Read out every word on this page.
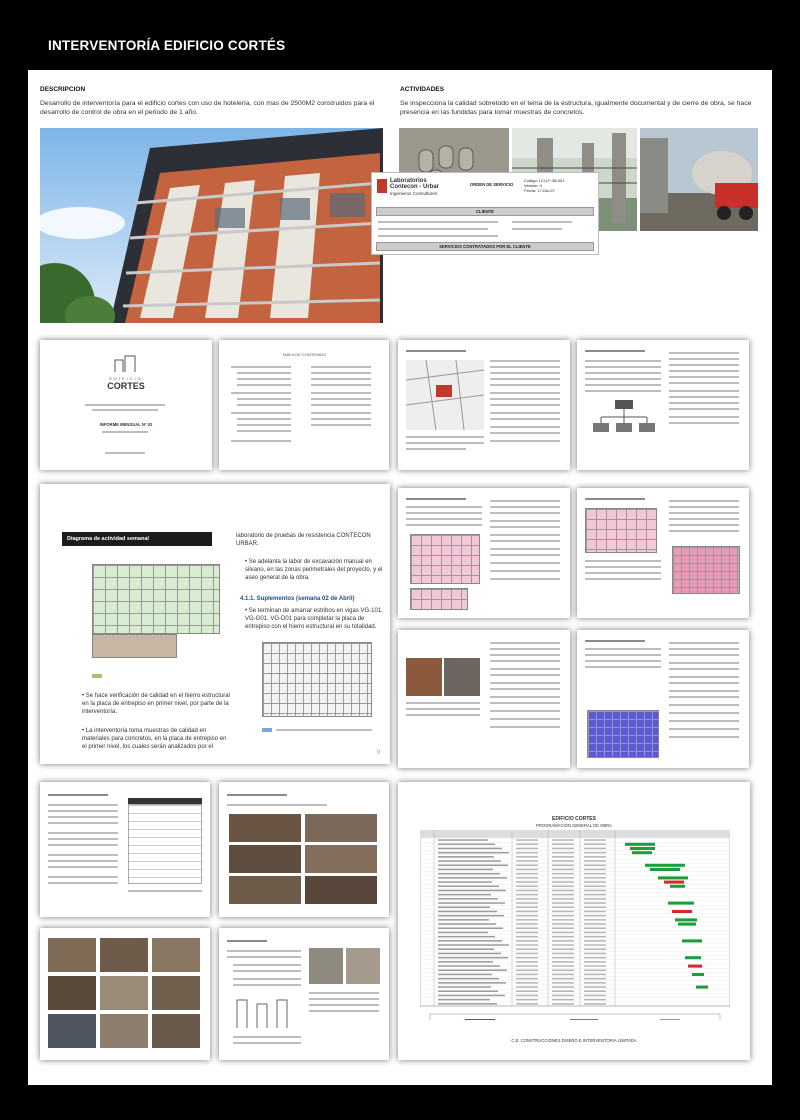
INTERVENTORÍA EDIFICIO CORTÉS
DESCRIPCION
Desarrollo de interventoría para el edificio cortes con uso de hotelería, con mas de 2500M2 construidos para el desarrollo de control de obra en el periodo de 1 año.
ACTIVIDADES
Se inspecciona la calidad sobretodo en el tema de la estructura, igualmente documental y de cierre de obra, se hace presencia en las fundidas para tomar muestras de concretos.
Laboratorios
Contecon - Urbar
Ingenieros Consultores
ORDEN DE SERVICIO
Código: LCU-F-38-001
Versión: 0
Fecha: 17-Dic-07
CLIENTE
SERVICIOS CONTRATADOS POR EL CLIENTE
EDIFICIO
CORTES
INFORME MENSUAL Nº 02
TABLA DE CONTENIDO
Diagrama de actividad semanal
• Se hace verificación de calidad en el hierro estructural en la placa de entrepiso en primer nivel, por parte de la interventoría.
• La interventoría toma muestras de calidad en materiales para concretos, en la placa de entrepiso en el primer nivel, los cuales serán analizados por el
laboratorio de pruebas de resistencia CONTECON URBAR.
• Se adelanta la labor de excavación manual en silvano, en las zonas perimetrales del proyecto, y el aseo general de la obra.
4.1.1. Suplementos (semana 02 de Abril)
• Se terminan de amarrar estribos en vigas VG-101, VG-G01, VG-D01 para completar la placa de entrepiso con el hierro estructural en su totalidad.
9
EDIFICIO CORTES
PROGRAMACIÓN GENERAL DE OBRA
C.E. CONSTRUCCIONES DISEÑO E INTERVENTORIA LIMITADA
